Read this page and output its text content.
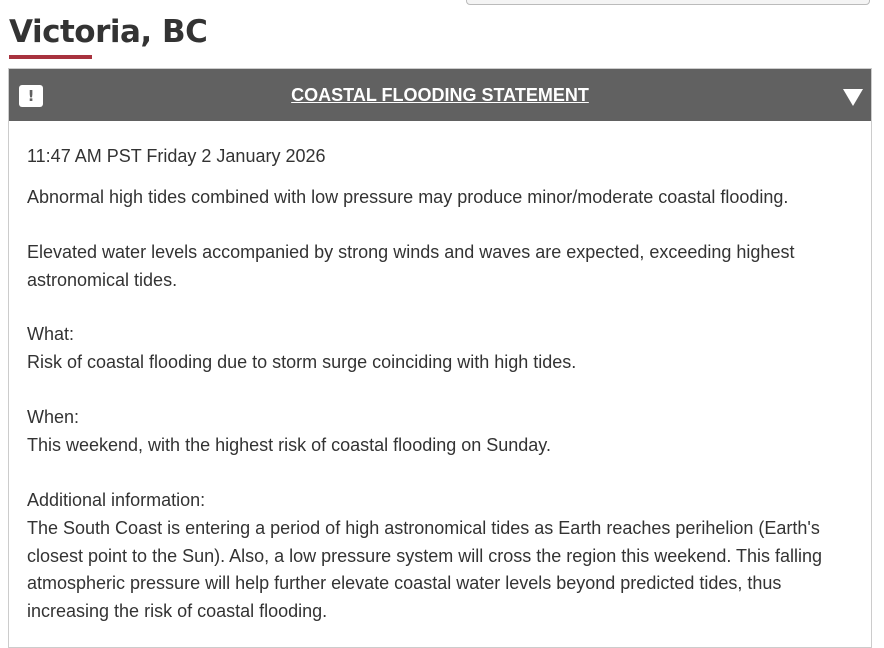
Victoria, BC
!	COASTAL FLOODING STATEMENT

11:47 AM PST Friday 2 January 2026

Abnormal high tides combined with low pressure may produce minor/moderate coastal flooding.

Elevated water levels accompanied by strong winds and waves are expected, exceeding highest astronomical tides.

What:

Risk of coastal flooding due to storm surge coinciding with high tides.

When:

This weekend, with the highest risk of coastal flooding on Sunday.

Additional information:

The South Coast is entering a period of high astronomical tides as Earth reaches perihelion (Earth's closest point to the Sun). Also, a low pressure system will cross the region this weekend. This falling atmospheric pressure will help further elevate coastal water levels beyond predicted tides, thus increasing the risk of coastal flooding.
